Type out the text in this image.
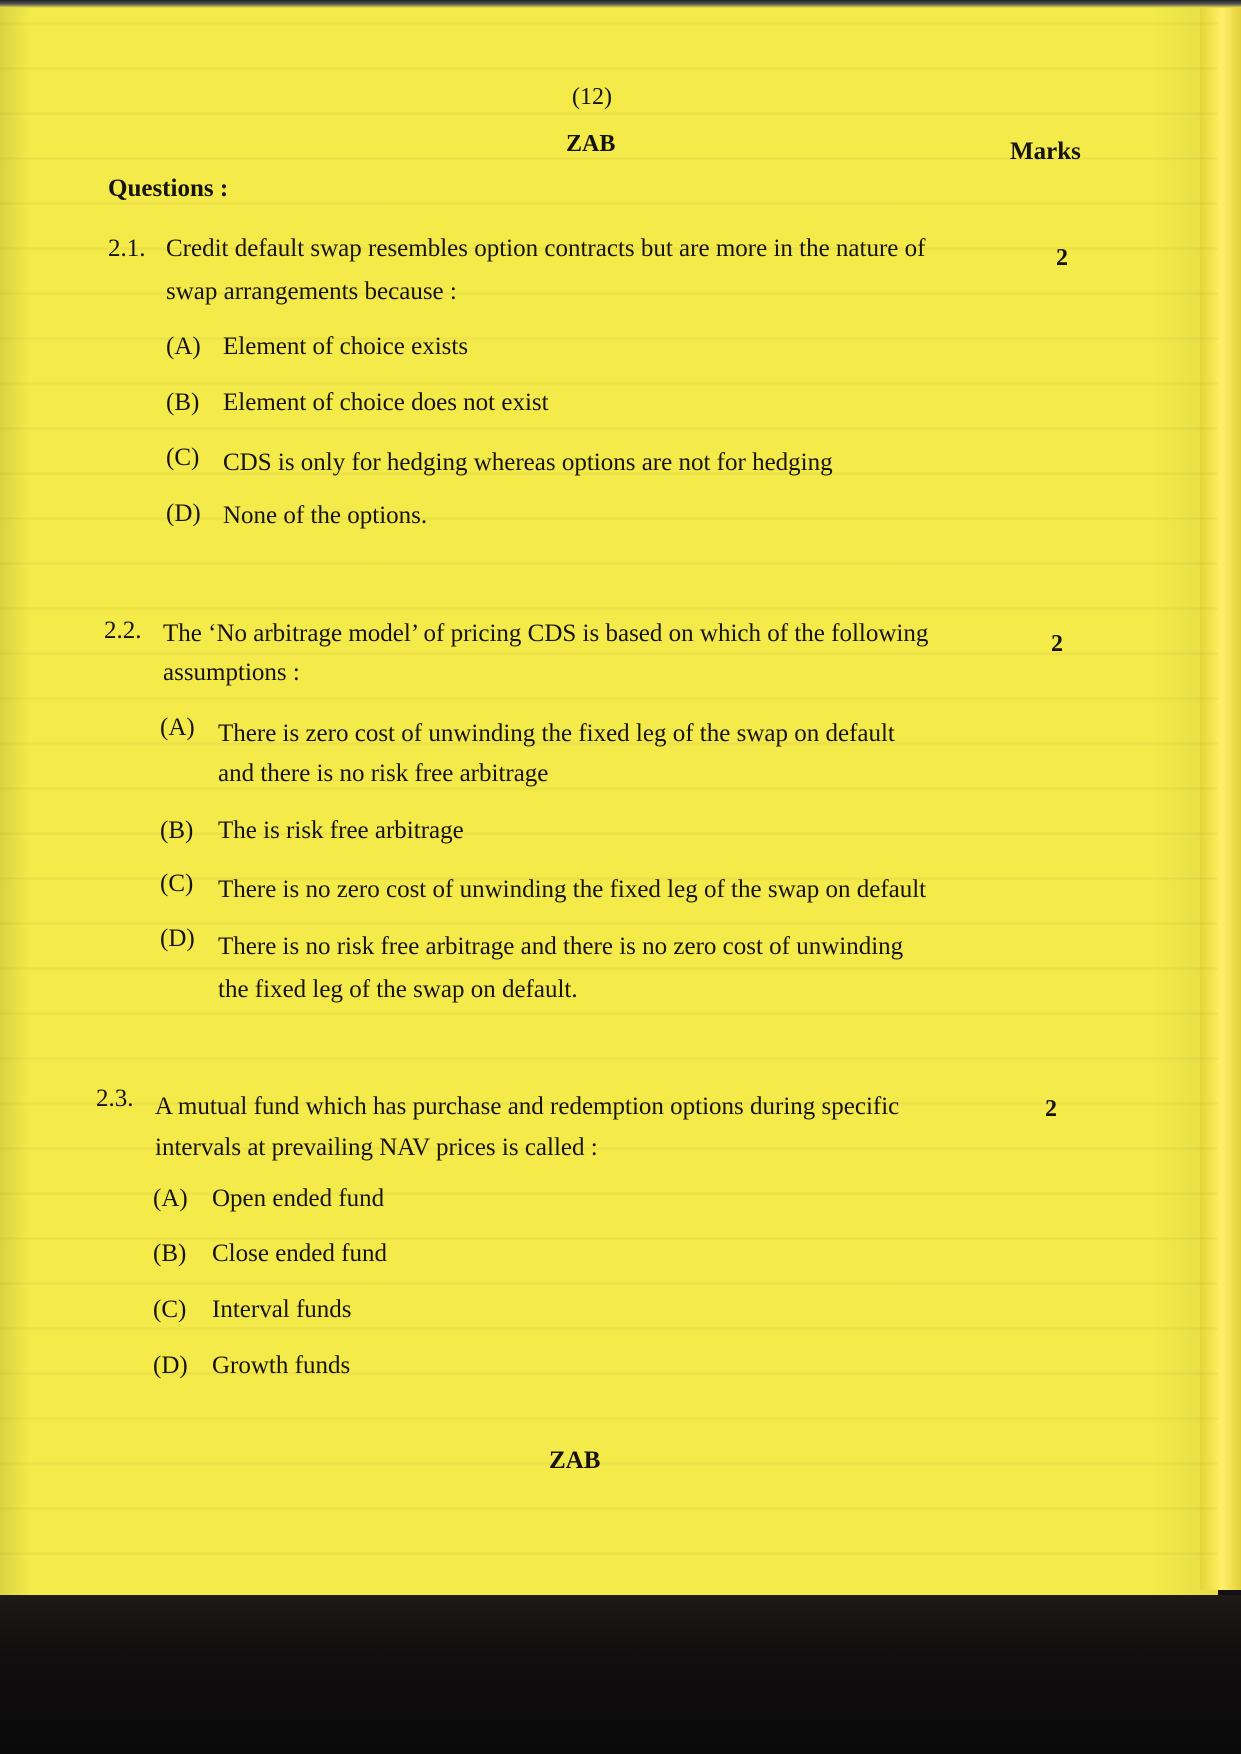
(12)
ZAB	Marks
Questions :
2.1. Credit default swap resembles option contracts but are more in the nature of
swap arrangements because :
2
(A) Element of choice exists
(B) Element of choice does not exist
(C) CDS is only for hedging whereas options are not for hedging
(D) None of the options.
2.2. The ‘No arbitrage model’ of pricing CDS is based on which of the following
assumptions :
2
(A) There is zero cost of unwinding the fixed leg of the swap on default
and there is no risk free arbitrage
(B) The is risk free arbitrage
(C) There is no zero cost of unwinding the fixed leg of the swap on default
(D) There is no risk free arbitrage and there is no zero cost of unwinding
the fixed leg of the swap on default.
2.3. A mutual fund which has purchase and redemption options during specific
intervals at prevailing NAV prices is called :
2
(A) Open ended fund
(B) Close ended fund
(C) Interval funds
(D) Growth funds
ZAB
